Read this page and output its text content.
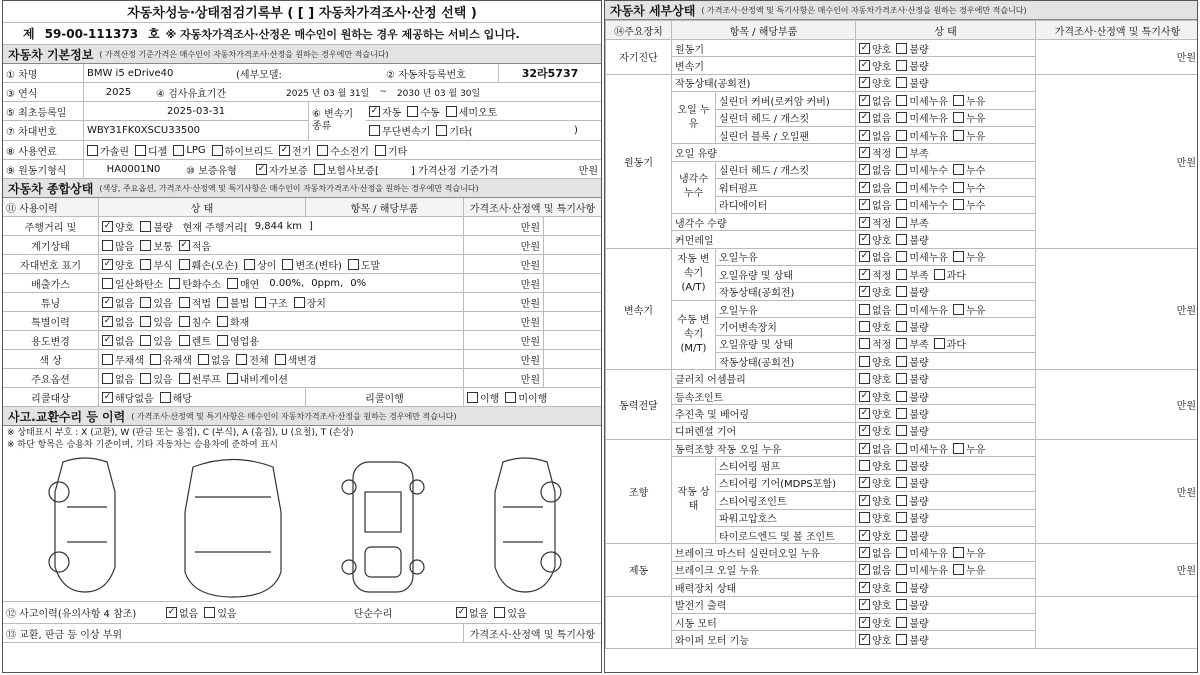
자동차성능·상태점검기록부 ( [ ] 자동차가격조사·산정 선택 )
제 59-00-111373 호 ※ 자동차가격조사·산정은 매수인이 원하는 경우 제공하는 서비스 입니다.
자동차 기본정보 ( 가격산정 기준가격은 매수인이 자동차가격조사·산정을 원하는 경우에만 적습니다)
① 차명	BMW i5 eDrive40	(세부모델:	② 자동차등록번호	32라5737
③ 연식	2025	④ 검사유효기간	2025 년 03 월 31일 ~ 2030 년 03 월 30일
⑤ 최초등록일	2025-03-31
⑦ 차대번호	WBY31FK0XSCU33500
⑥ 변속기 종류
✓ 자동 수동 세미오토
무단변속기 기타(	)
⑧ 사용연료	가솔린 디젤 LPG 하이브리드 ✓ 전기 수소전기 기타
⑨ 원동기형식	HA0001N0	⑩ 보증유형	✓ 자가보증 보험사보증[	] 가격산정 기준가격	만원
자동차 종합상태 (색상, 주요옵션, 가격조사·산정액 및 특기사항은 매수인이 자동차가격조사·산정을 원하는 경우에만 적습니다)
⑪ 사용이력	상 태	항목 / 해당부품	가격조사·산정액 및 특기사항
주행거리 및	✓ 양호 불량 현재 주행거리[ 9,844 km ]	만원
계기상태	많음 보통 ✓ 적음	만원
자대번호 표기	✓ 양호 부식 훼손(오손) 상이 변조(변타) 도말	만원
배출가스	일산화탄소 탄화수소 매연 0.00%, 0ppm, 0%	만원
튜닝	✓ 없음 있음 적법 불법 구조 장치	만원
특별이력	✓ 없음 있음 침수 화재	만원
용도변경	✓ 없음 있음 렌트 영업용	만원
색 상	무채색 유채색 없음 전체 색변경	만원
주요옵션	없음 있음 썬루프 내비게이션	만원
리콜대상	✓ 해당없음 해당	리콜이행	이행 미이행
사고.교환수리 등 이력 ( 가격조사·산정액 및 특기사항은 매수인이 자동차가격조사·산정을 원하는 경우에만 적습니다)
※ 상태표시 부호 : X (교환), W (판금 또는 용접), C (부식), A (흠집), U (요철), T (손상)
※ 하단 항목은 승용차 기준이며, 기타 자동차는 승용차에 준하여 표시
⑫ 사고이력(유의사항 4 참조)	✓ 없음 있음	단순수리	✓ 없음 있음
⑬ 교환, 판금 등 이상 부위	가격조사·산정액 및 특기사항
자동차 세부상태 ( 가격조사·산정액 및 특기사항은 매수인이 자동차가격조사·산정을 원하는 경우에만 적습니다)
⑭주요장치	항목 / 해당부품		상 태	가격조사·산정액 및 특기사항
자기진단	원동기		✓ 양호 불량	만원
	변속기		✓ 양호 불량	

원동기	작동상태(공회전)		✓ 양호 불량	만원
	오일 누유	실린더 커버(로커암 커버)	✓ 없음 미세누유 누유	

		실린더 헤드 / 개스킷	✓ 없음 미세누유 누유	

		실린더 블록 / 오일팬	✓ 없음 미세누유 누유	

	오일 유량		✓ 적정 부족	

	냉각수 누수	실린더 헤드 / 개스킷	✓ 없음 미세누수 누수	

		워터펌프	✓ 없음 미세누수 누수	

		라디에이터	✓ 없음 미세누수 누수	

	냉각수 수량		✓ 적정 부족	

	커먼레일		✓ 양호 불량	

변속기	자동 변속기 (A/T)	오일누유	✓ 없음 미세누유 누유	만원
		오일유량 및 상태	✓ 적정 부족 과다	

		작동상태(공회전)	✓ 양호 불량	

	수동 변속기 (M/T)	오일누유	없음 미세누유 누유	

		기어변속장치	양호 불량	

		오일유량 및 상태	적정 부족 과다	

		작동상태(공회전)	양호 불량	

동력전달	클러치 어셈블리		양호 불량	만원
	등속조인트		✓ 양호 불량	

	추진축 및 베어링		✓ 양호 불량	

	디퍼렌셜 기어		✓ 양호 불량	

조향	동력조향 작동 오일 누유		✓ 없음 미세누유 누유	만원
	작동 상태	스티어링 펌프	양호 불량	

		스티어링 기어(MDPS포함)	✓ 양호 불량	

		스티어링조인트	✓ 양호 불량	

		파워고압호스	양호 불량	

		타이로드엔드 및 볼 조인트	✓ 양호 불량	

제동	브레이크 마스터 실린더오일 누유		✓ 없음 미세누유 누유	만원
	브레이크 오일 누유		✓ 없음 미세누유 누유	

	배력장치 상태		✓ 양호 불량	

	발전기 출력		✓ 양호 불량	

	시동 모터		✓ 양호 불량	

	와이퍼 모터 기능		✓ 양호 불량	
